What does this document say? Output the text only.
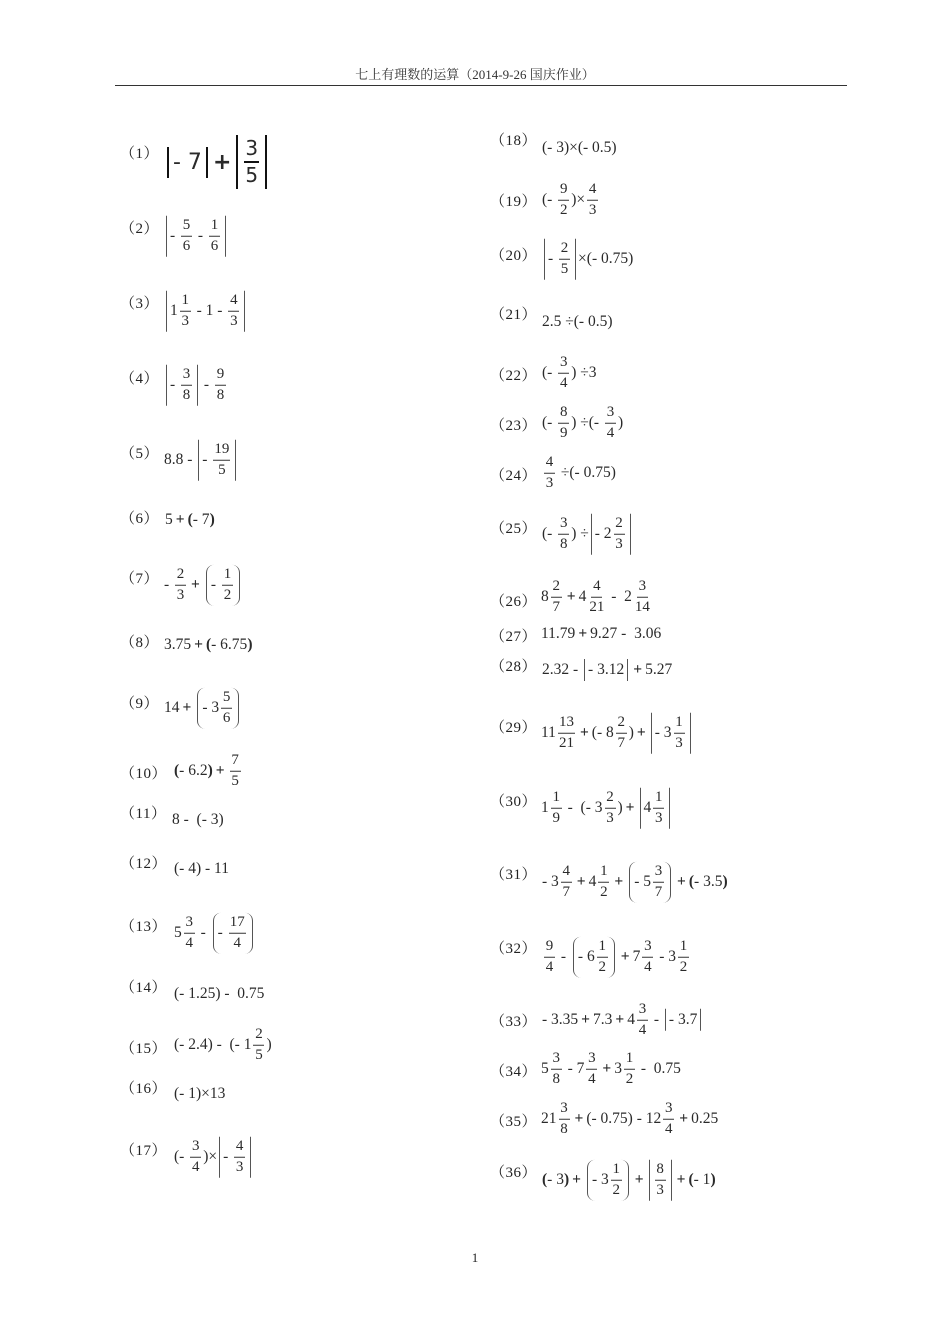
七上有理数的运算（2014-9-26 国庆作业）
$(1) - 7 + \frac{3}{5}$
$(2) - \frac{5}{6} - \frac{1}{6}$
（3） $1 \frac{1}{3} - 1 - \frac{4}{3}$
$(4) - \frac{3}{8} - \frac{9}{8}$
（5） 8.8 - - $\frac{19}{5}$
（6） 5 + (- 7)
$(7) - \frac{2}{3}$ + - $\frac{1}{2}$
（8） 3.75 + (- 6.75)
（9） 14 + - $3 \frac{5}{6}$
（10） (- $6.2) + \frac{7}{5}$
（11） 8 -  (- 3)
（12） (- 4) - 11
（13） $5 \frac{3}{4}$ - - $\frac{17}{4}$
（14） (- 1.25) -  0.75
（15） (- 2.4) -  (- $1 \frac{2}{5}$ )
（16） (- 1)×13
（17） (- $\frac{3}{4}$ )× - $\frac{4}{3}$
（18） (- 3)×(- 0.5)
（19） (- $\frac{9}{2}$ )× $\frac{4}{3}$
$(20) - \frac{2}{5}$ ×(- 0.75)
（21） 2.5 ÷(- 0.5)
（22） (- $\frac{3}{4}$ ) ÷3
（23） (- $\frac{8}{9}$ ) ÷(- $\frac{3}{4}$ )
$(24) \frac{4}{3}$ ÷(- 0.75)
（25） (- $\frac{3}{8}$ ) ÷ - $2 \frac{2}{3}$
（26） $8 \frac{2}{7} + 4 \frac{4}{21} - 2 \frac{3}{14}$
（27） 11.79 + 9.27 -  3.06
（28） 2.32 - - 3.12 + 5.27
（29） $11 \frac{13}{21}$ + (- $8 \frac{2}{7}$ ) + - $3 \frac{1}{3}$
（30） $1 \frac{1}{9}$ -  (- $3 \frac{2}{3}$ ) + $4 \frac{1}{3}$
$(31) - 3 \frac{4}{7} + 4 \frac{1}{2}$ + - $5 \frac{3}{7}$ + (- 3.5)
$(32) \frac{9}{4}$ - - $6 \frac{1}{2} + 7 \frac{3}{4} - 3 \frac{1}{2}$
$(33) - 3.35 + 7.3 + 4 \frac{3}{4}$ - - 3.7
（34） $5 \frac{3}{8} - 7 \frac{3}{4} + 3 \frac{1}{2} - 0.75$
（35） $21 \frac{3}{8}$ + (- $0.75) - 12 \frac{3}{4} + 0.25$
（36） (- 3) + - $3 \frac{1}{2} + \frac{8}{3}$ + (- 1)
1
